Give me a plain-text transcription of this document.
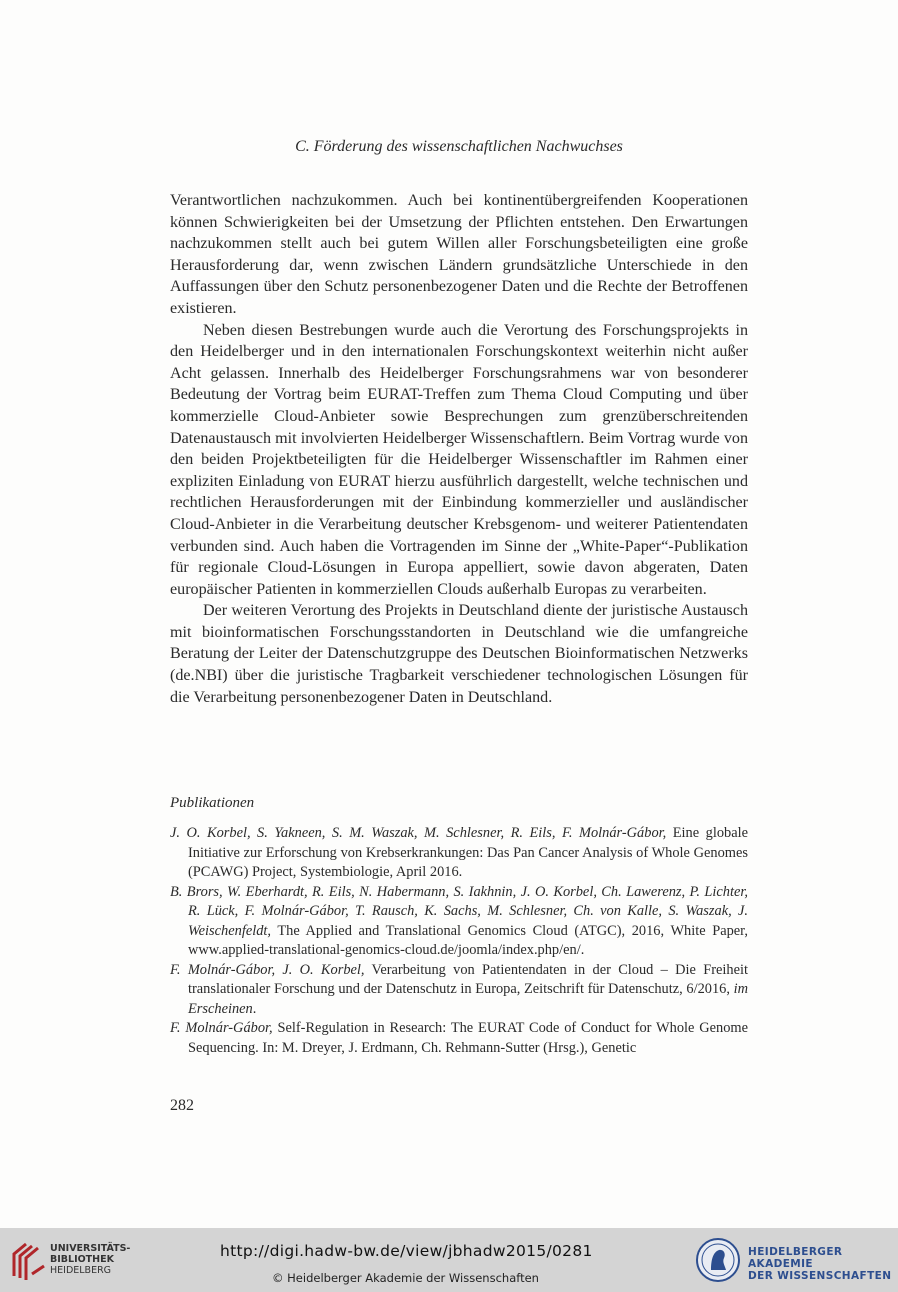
C. Förderung des wissenschaftlichen Nachwuchses

Verantwortlichen nachzukommen. Auch bei kontinentübergreifenden Kooperationen können Schwierigkeiten bei der Umsetzung der Pflichten entstehen. Den Erwartungen nachzukommen stellt auch bei gutem Willen aller Forschungsbeteiligten eine große Herausforderung dar, wenn zwischen Ländern grundsätzliche Unterschiede in den Auffassungen über den Schutz personenbezogener Daten und die Rechte der Betroffenen existieren.

Neben diesen Bestrebungen wurde auch die Verortung des Forschungsprojekts in den Heidelberger und in den internationalen Forschungskontext weiterhin nicht außer Acht gelassen. Innerhalb des Heidelberger Forschungsrahmens war von besonderer Bedeutung der Vortrag beim EURAT-Treffen zum Thema Cloud Computing und über kommerzielle Cloud-Anbieter sowie Besprechungen zum grenzüberschreitenden Datenaustausch mit involvierten Heidelberger Wissenschaftlern. Beim Vortrag wurde von den beiden Projektbeteiligten für die Heidelberger Wissenschaftler im Rahmen einer expliziten Einladung von EURAT hierzu ausführlich dargestellt, welche technischen und rechtlichen Herausforderungen mit der Einbindung kommerzieller und ausländischer Cloud-Anbieter in die Verarbeitung deutscher Krebsgenom- und weiterer Patientendaten verbunden sind. Auch haben die Vortragenden im Sinne der „White-Paper“-Publikation für regionale Cloud-Lösungen in Europa appelliert, sowie davon abgeraten, Daten europäischer Patienten in kommerziellen Clouds außerhalb Europas zu verarbeiten.

Der weiteren Verortung des Projekts in Deutschland diente der juristische Austausch mit bioinformatischen Forschungsstandorten in Deutschland wie die umfangreiche Beratung der Leiter der Datenschutzgruppe des Deutschen Bioinformatischen Netzwerks (de.NBI) über die juristische Tragbarkeit verschiedener technologischen Lösungen für die Verarbeitung personenbezogener Daten in Deutschland.

Publikationen
J. O. Korbel, S. Yakneen, S. M. Waszak, M. Schlesner, R. Eils, F. Molnár-Gábor, Eine globale Initiative zur Erforschung von Krebserkrankungen: Das Pan Cancer Analysis of Whole Genomes (PCAWG) Project, Systembiologie, April 2016.
B. Brors, W. Eberhardt, R. Eils, N. Habermann, S. Iakhnin, J. O. Korbel, Ch. Lawerenz, P. Lichter, R. Lück, F. Molnár-Gábor, T. Rausch, K. Sachs, M. Schlesner, Ch. von Kalle, S. Waszak, J. Weischenfeldt, The Applied and Translational Genomics Cloud (ATGC), 2016, White Paper, www.applied-translational-genomics-cloud.de/joomla/index.php/en/.
F. Molnár-Gábor, J. O. Korbel, Verarbeitung von Patientendaten in der Cloud – Die Freiheit translationaler Forschung und der Datenschutz in Europa, Zeitschrift für Datenschutz, 6/2016, im Erscheinen.
F. Molnár-Gábor, Self-Regulation in Research: The EURAT Code of Conduct for Whole Genome Sequencing. In: M. Dreyer, J. Erdmann, Ch. Rehmann-Sutter (Hrsg.), Genetic
282
UNIVERSITÄTS-
BIBLIOTHEK
HEIDELBERG
http://digi.hadw-bw.de/view/jbhadw2015/0281
© Heidelberger Akademie der Wissenschaften
HEIDELBERGER AKADEMIE
DER WISSENSCHAFTEN
